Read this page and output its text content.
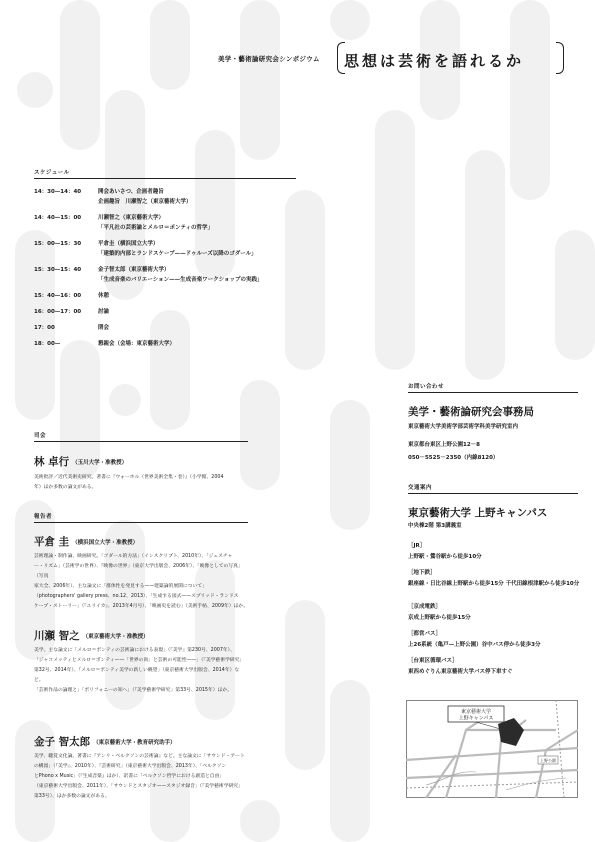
美学・藝術論研究会シンポジウム 思想は芸術を語れるか
スケジュール
14：30—14：40	開会あいさつ、企画者趣旨
企画趣旨　川瀬智之（東京藝術大学）
14：40—15：00	川瀬智之（東京藝術大学）
「平凡社の芸術論とメルロ＝ポンティの哲学」
15：00—15：30	平倉圭（横浜国立大学）
「建築的内部とランドスケープ——ドゥルーズ以降のゴダール」
15：30—15：40	金子智太郎（東京藝術大学）
「生成音楽のバリエーション——生成音楽ワークショップの実践」
15：40—16：00	休憩
16：00—17：00	討論
17：00	閉会
18：00—	懇親会（会場：東京藝術大学）
司会
林 卓行 （玉川大学・准教授）
美術批評／近代美術史研究。著書に『ウォーホル（世界美術全集・巻）』（小学館、2004
年）ほか多数の論文がある。
報告者
平倉 圭 （横浜国立大学・准教授）
芸術理論・制作論、映画研究。「ゴダール的方法」（インスクリプト、2010年）、「ジェスチャ
ー・リズム」（芸術学の世界）、『映像の世界」（東京大学出版会、2006年）、「映像としての写真」（写真
家大全、2006年）、主な論文に「群体性を発見する——建築論的展開について」
（photographers' gallery press、no.12、2013）、「生成する図式——スプリッド・ランドス
ケープ・ストーリー」（『ユリイカ』、2013年4月号）、「映画史を読む」（美術手帖、2009年）ほか。
川瀬 智之 （東京藝術大学・准教授）
美学。主な論文に「メルロ＝ポンティの芸術論における表現」（『美学』第230号、2007年）、
「ジャコメッティとメルロ＝ポンティ——「世界の肉」と芸術の可能性——」（『美学藝術学研究」
第32号、2014年）、『メルロ＝ポンティ美学の新しい眺望」（東京藝術大学出版会、2014年）など。
「芸術作品の論理と」「ポリフォニーの知へ」（『美学藝術学研究」第33号、2015年）ほか。
金子 智太郎 （東京藝術大学・教育研究助手）
美学、聴覚文化論。著書に『アンリ・ベルクソンの芸術論』など。主な論文に「サウンド・アート
の構図」（『美学』、2010年）、『芸術研究」（東京藝術大学出版会、2013年）、「ベルクソン
とPhono x Music」（『生成音楽』ほか）、訳書に「ベルクソン哲学における創造と自由」
（東京藝術大学出版会、2011年）、「サウンドとスタジオ——スタジオ録音」（『美学藝術学研究」
第33号）、ほか多数の論文がある。
お問い合わせ
美学・藝術論研究会事務局
東京藝術大学美術学部芸術学科美学研究室内
東京都台東区上野公園12－8
050－5525－2350（内線8120）
交通案内
東京藝術大学 上野キャンパス
中央棟2階 第3講義室
［JR］
上野駅・鶯谷駅から徒歩10分
［地下鉄］
銀座線・日比谷線上野駅から徒歩15分 千代田線根津駅から徒歩10分
［京成電鉄］
京成上野駅から徒歩15分
［都営バス］
上26系統（亀戸—上野公園）谷中バス停から徒歩3分
［台東区循環バス］
東西めぐりん東京藝術大学バス停下車すぐ
東京藝術大学
上野キャンパス
上野公園
